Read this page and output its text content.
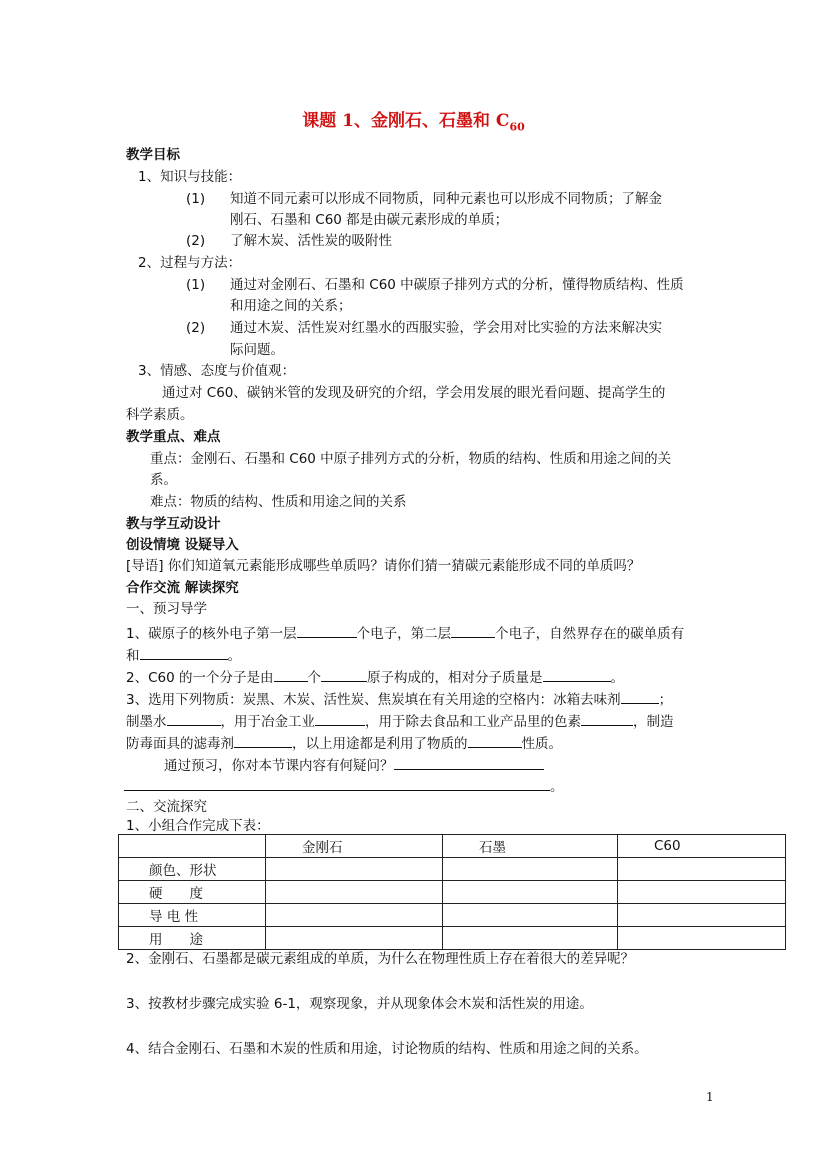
课题 1、金刚石、石墨和 $C_{60}$
教学目标
1、知识与技能：
(1) 知道不同元素可以形成不同物质，同种元素也可以形成不同物质；了解金
刚石、石墨和 C60 都是由碳元素形成的单质；
(2) 了解木炭、活性炭的吸附性
2、过程与方法：
(1) 通过对金刚石、石墨和 C60 中碳原子排列方式的分析，懂得物质结构、性质
和用途之间的关系；
(2) 通过木炭、活性炭对红墨水的西服实验，学会用对比实验的方法来解决实
际问题。
3、情感、态度与价值观：
通过对 C60、碳钠米管的发现及研究的介绍，学会用发展的眼光看问题、提高学生的
科学素质。
教学重点、难点
重点：金刚石、石墨和 C60 中原子排列方式的分析，物质的结构、性质和用途之间的关
系。
难点：物质的结构、性质和用途之间的关系
教与学互动设计
创设情境 设疑导入
[导语] 你们知道氧元素能形成哪些单质吗？请你们猜一猜碳元素能形成不同的单质吗？
合作交流 解读探究
一、预习导学
1、碳原子的核外电子第一层	个电子，第二层	个电子，自然界存在的碳单质有
和	。
2、C60 的一个分子是由	个	原子构成的，相对分子质量是	。
3、选用下列物质：炭黑、木炭、活性炭、焦炭填在有关用途的空格内：冰箱去味剂	；
制墨水	，用于冶金工业	，用于除去食品和工业产品里的色素	，制造
防毒面具的滤毒剂	，以上用途都是利用了物质的	性质。
通过预习，你对本节课内容有何疑问？
。
二、交流探究
1、小组合作完成下表：
	金刚石	石墨	C60
颜色、形状			
硬　　度			
导 电 性			
用　　途			
2、金刚石、石墨都是碳元素组成的单质，为什么在物理性质上存在着很大的差异呢？
3、按教材步骤完成实验 6-1，观察现象，并从现象体会木炭和活性炭的用途。
4、结合金刚石、石墨和木炭的性质和用途，讨论物质的结构、性质和用途之间的关系。
1
